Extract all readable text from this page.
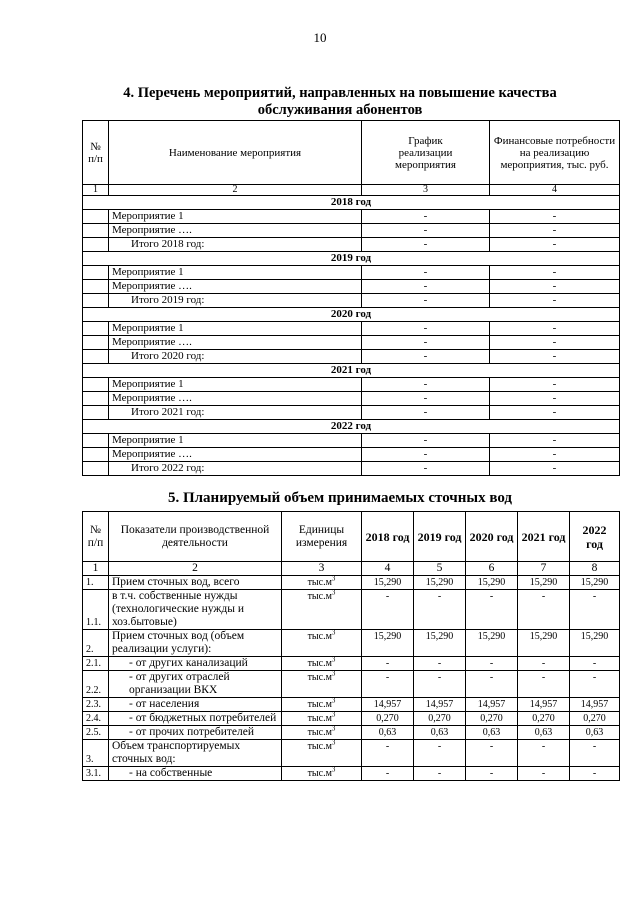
10
4. Перечень мероприятий, направленных на повышение качества
обслуживания абонентов
№ п/п	Наименование мероприятия	График реализации мероприятия	Финансовые потребности на реализацию мероприятия, тыс. руб.
1	2	3	4
2018 год			
	Мероприятие 1	-	-
	Мероприятие ….	-	-
	Итого 2018 год:	-	-
2019 год			
	Мероприятие 1	-	-
	Мероприятие ….	-	-
	Итого 2019 год:	-	-
2020 год			
	Мероприятие 1	-	-
	Мероприятие ….	-	-
	Итого 2020 год:	-	-
2021 год			
	Мероприятие 1	-	-
	Мероприятие ….	-	-
	Итого 2021 год:	-	-
2022 год			
	Мероприятие 1	-	-
	Мероприятие ….	-	-
	Итого 2022 год:	-	-
5. Планируемый объем принимаемых сточных вод
№ п/п	Показатели производственной деятельности	Единицы измерения	2018 год	2019 год	2020 год	2021 год	2022 год
1	2	3	4	5	6	7	8
1.	Прием сточных вод, всего	$тыс.м^3$	15,290	15,290	15,290	15,290	15,290
1.1.	в т.ч. собственные нужды (технологические нужды и хоз.бытовые)	$тыс.м^3$	-	-	-	-	-
2.	Прием сточных вод (объем реализации услуги):	$тыс.м^3$	15,290	15,290	15,290	15,290	15,290
2.1.	- от других канализаций	$тыс.м^3$	-	-	-	-	-
2.2.	- от других отраслей организации ВКХ	$тыс.м^3$	-	-	-	-	-
2.3.	- от населения	$тыс.м^3$	14,957	14,957	14,957	14,957	14,957
2.4.	- от бюджетных потребителей	$тыс.м^3$	0,270	0,270	0,270	0,270	0,270
2.5.	- от прочих потребителей	$тыс.м^3$	0,63	0,63	0,63	0,63	0,63
3.	Объем транспортируемых сточных вод:	$тыс.м^3$	-	-	-	-	-
3.1.	- на собственные	$тыс.м^3$	-	-	-	-	-
